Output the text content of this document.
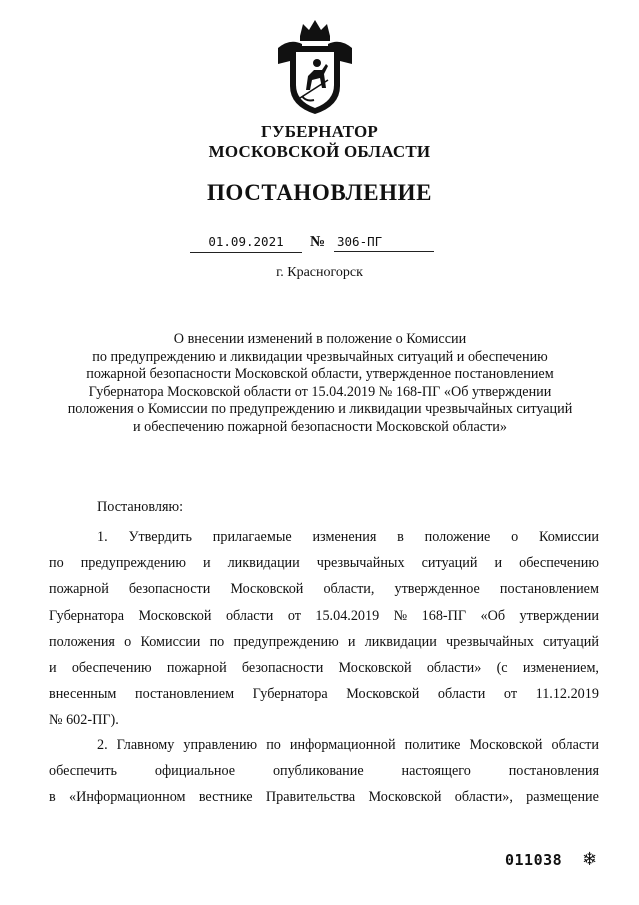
ГУБЕРНАТОР
МОСКОВСКОЙ ОБЛАСТИ
ПОСТАНОВЛЕНИЕ
01.09.2021	№ 306-ПГ
г. Красногорск
О внесении изменений в положение о Комиссии
по предупреждению и ликвидации чрезвычайных ситуаций и обеспечению
пожарной безопасности Московской области, утвержденное постановлением
Губернатора Московской области от 15.04.2019 № 168-ПГ «Об утверждении
положения о Комиссии по предупреждению и ликвидации чрезвычайных ситуаций
и обеспечению пожарной безопасности Московской области»
Постановляю:
1. Утвердить прилагаемые изменения в положение о Комиссии
по предупреждению и ликвидации чрезвычайных ситуаций и обеспечению
пожарной безопасности Московской области, утвержденное постановлением
Губернатора Московской области от 15.04.2019 № 168-ПГ «Об утверждении
положения о Комиссии по предупреждению и ликвидации чрезвычайных ситуаций
и обеспечению пожарной безопасности Московской области» (с изменением,
внесенным постановлением Губернатора Московской области от 11.12.2019
№ 602-ПГ).
2. Главному управлению по информационной политике Московской области
обеспечить	официальное	опубликование	настоящего	постановления
в «Информационном вестнике Правительства Московской области», размещение
011038 ❄
